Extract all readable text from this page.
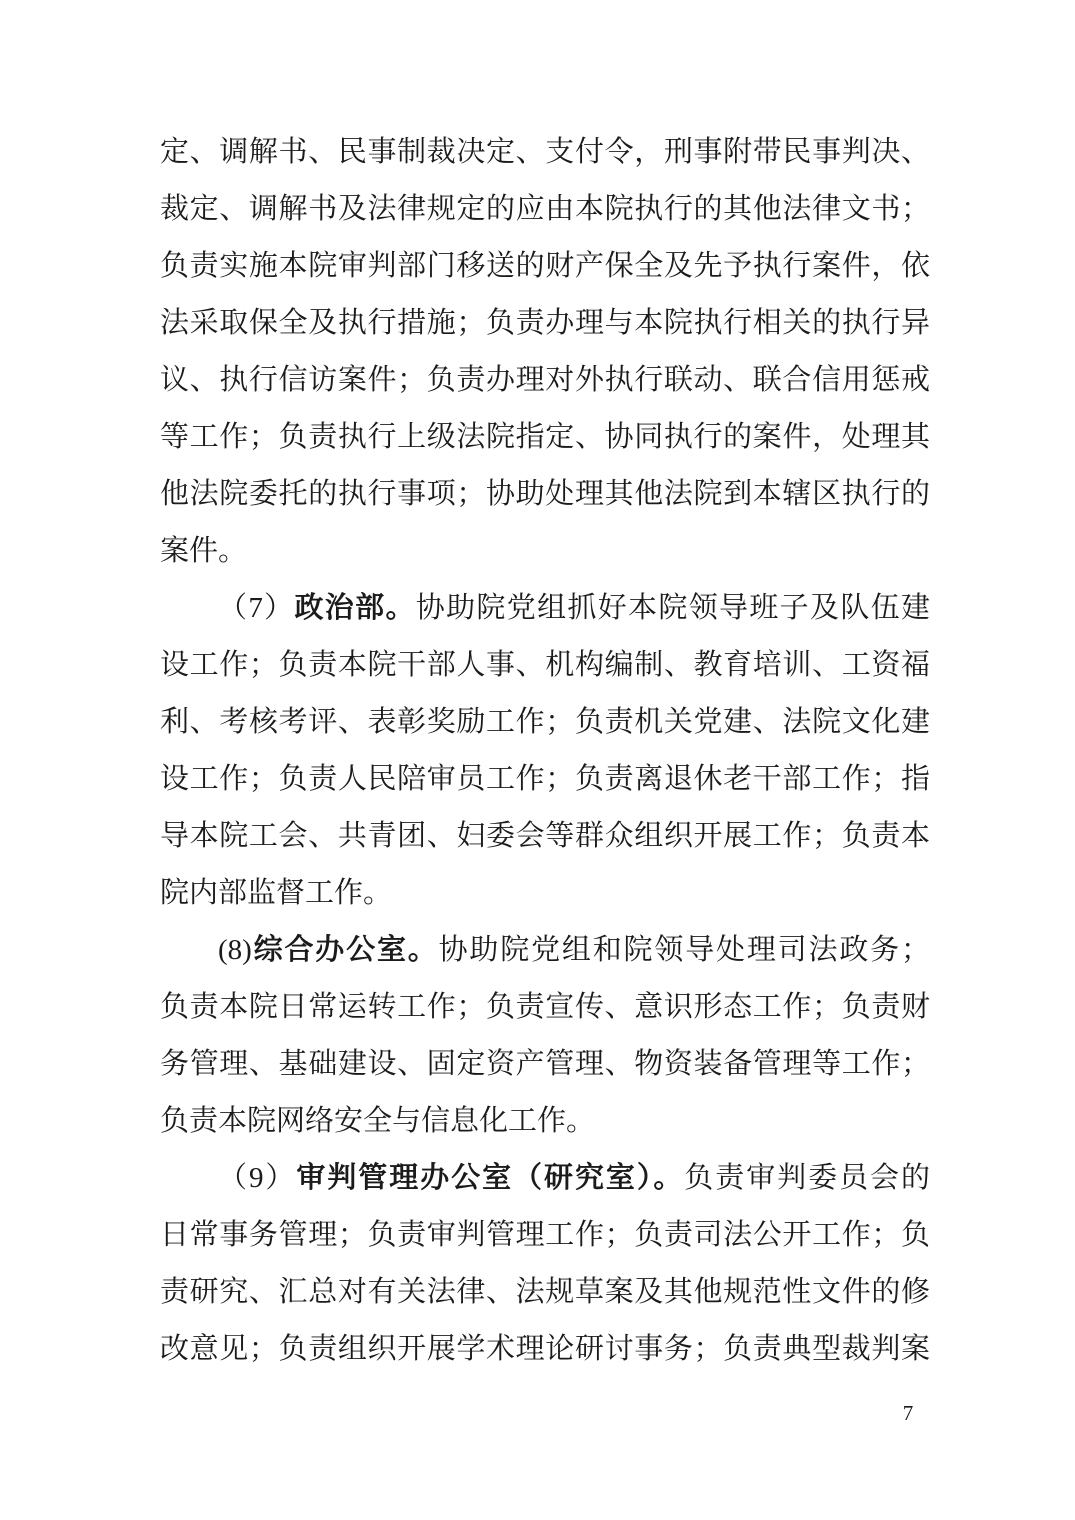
定、调解书、民事制裁决定、支付令，刑事附带民事判决、
裁定、调解书及法律规定的应由本院执行的其他法律文书；
负责实施本院审判部门移送的财产保全及先予执行案件，依
法采取保全及执行措施；负责办理与本院执行相关的执行异
议、执行信访案件；负责办理对外执行联动、联合信用惩戒
等工作；负责执行上级法院指定、协同执行的案件，处理其
他法院委托的执行事项；协助处理其他法院到本辖区执行的
案件。
（7）政治部。协助院党组抓好本院领导班子及队伍建
设工作；负责本院干部人事、机构编制、教育培训、工资福
利、考核考评、表彰奖励工作；负责机关党建、法院文化建
设工作；负责人民陪审员工作；负责离退休老干部工作；指
导本院工会、共青团、妇委会等群众组织开展工作；负责本
院内部监督工作。
(8)综合办公室。协助院党组和院领导处理司法政务；
负责本院日常运转工作；负责宣传、意识形态工作；负责财
务管理、基础建设、固定资产管理、物资装备管理等工作；
负责本院网络安全与信息化工作。
（9）审判管理办公室（研究室）。负责审判委员会的
日常事务管理；负责审判管理工作；负责司法公开工作；负
责研究、汇总对有关法律、法规草案及其他规范性文件的修
改意见；负责组织开展学术理论研讨事务；负责典型裁判案
7
